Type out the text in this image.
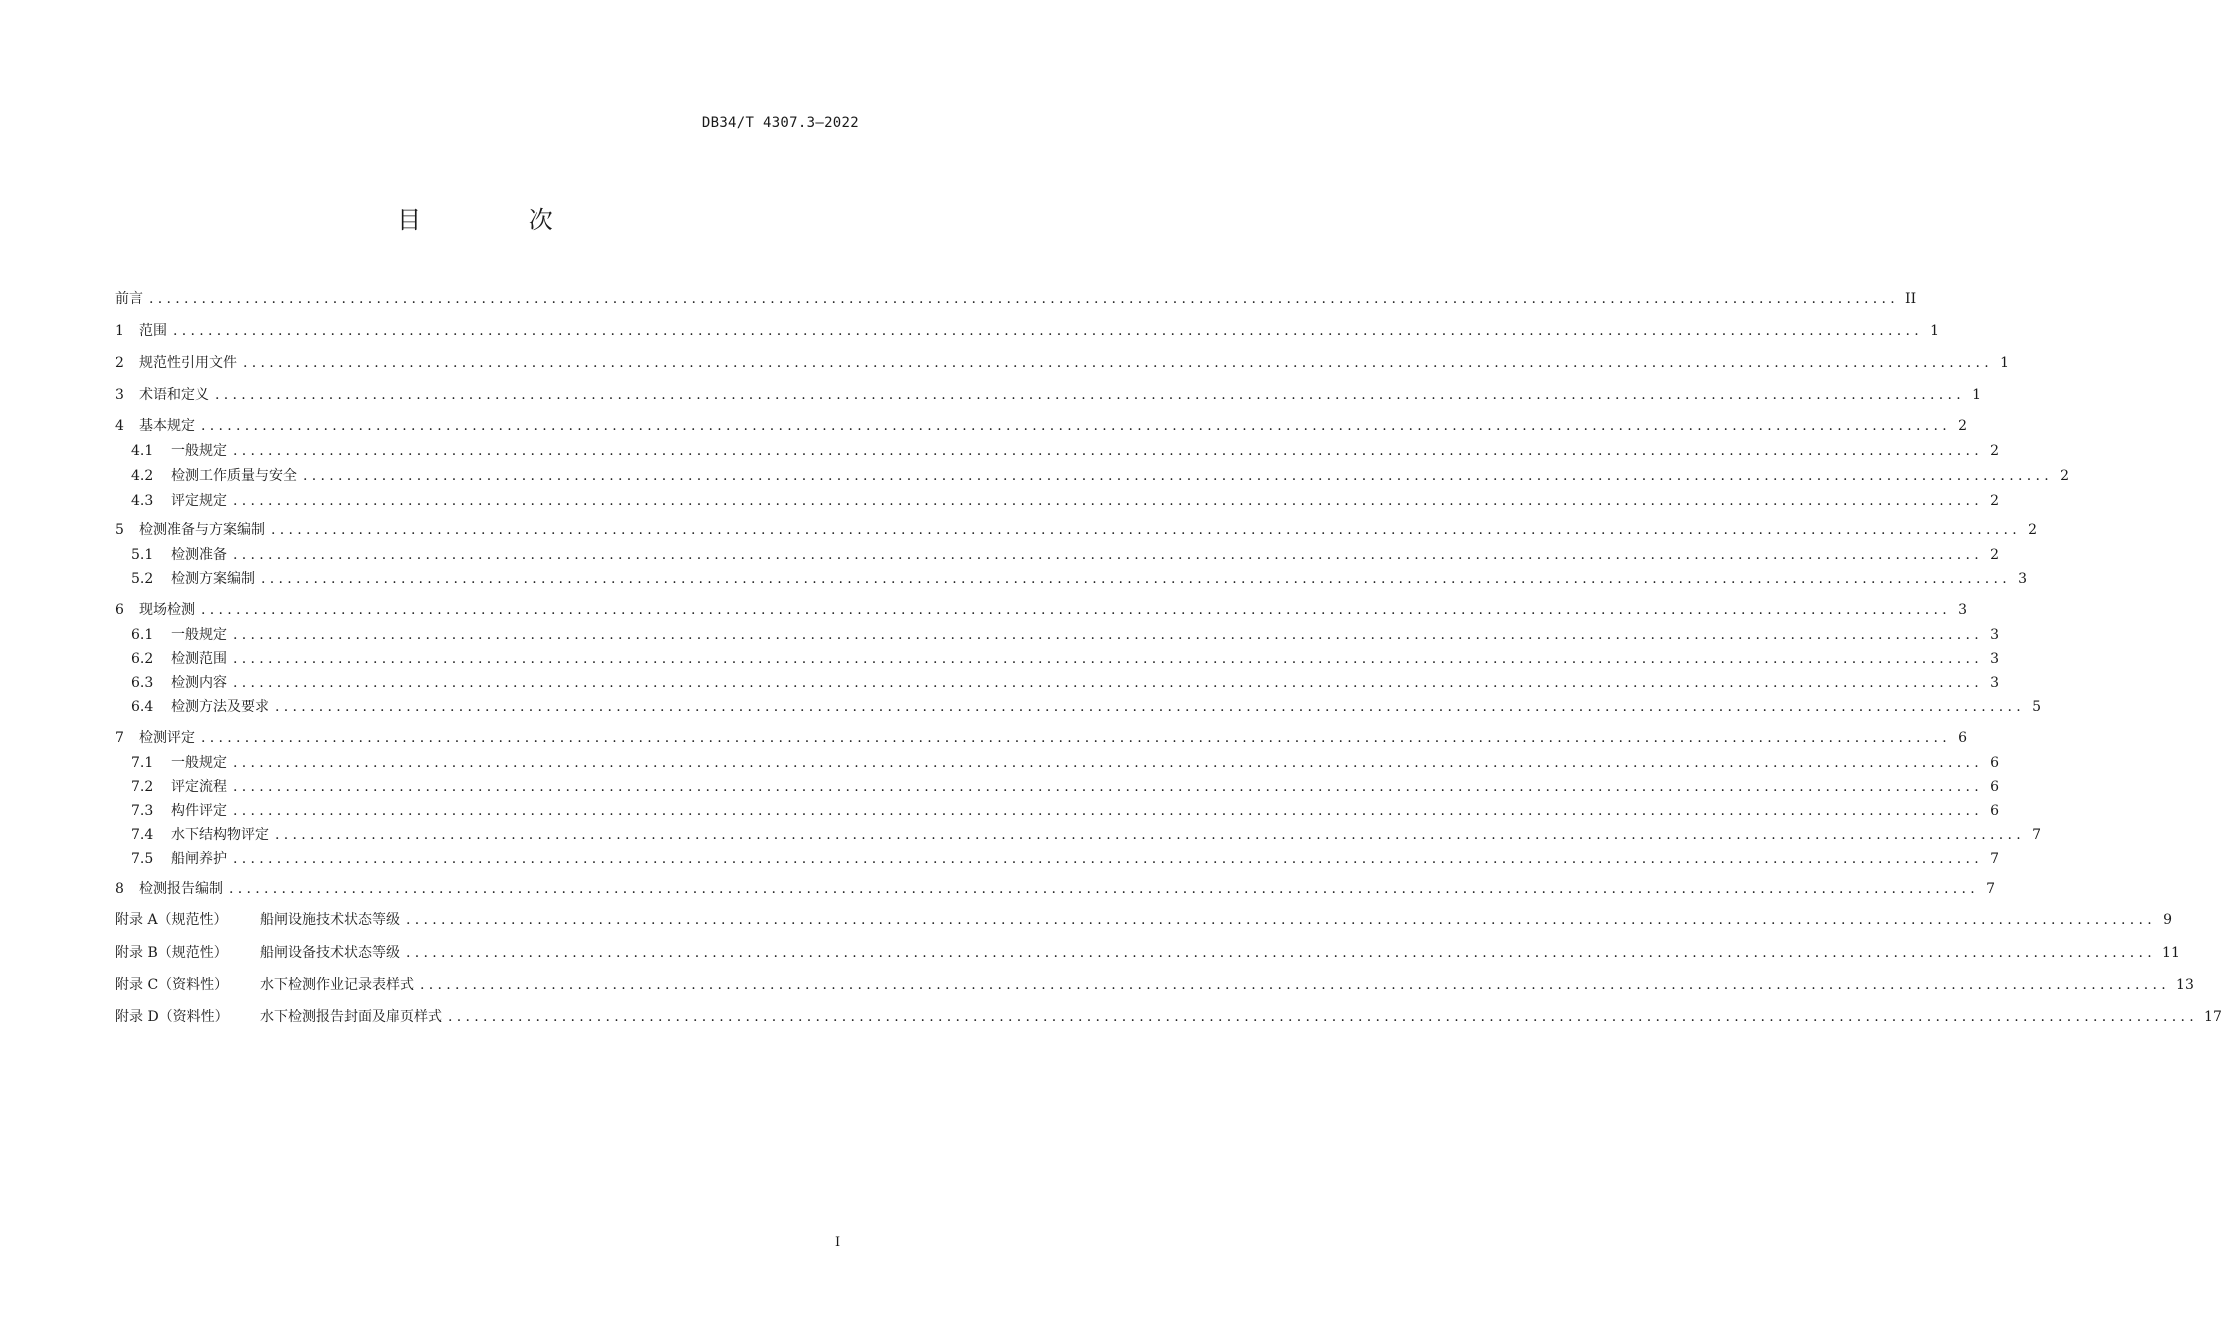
DB34/T 4307.3—2022
目 次
前言 ........................................................................................................................................................................................................ II
1	范围 ........................................................................................................................................................................................................ 1
2	规范性引用文件 ........................................................................................................................................................................................................ 1
3	术语和定义 ........................................................................................................................................................................................................ 1
4	基本规定 ........................................................................................................................................................................................................ 2
4.1	一般规定 ........................................................................................................................................................................................................ 2
4.2	检测工作质量与安全 ........................................................................................................................................................................................................ 2
4.3	评定规定 ........................................................................................................................................................................................................ 2
5	检测准备与方案编制 ........................................................................................................................................................................................................ 2
5.1	检测准备 ........................................................................................................................................................................................................ 2
5.2	检测方案编制 ........................................................................................................................................................................................................ 3
6	现场检测 ........................................................................................................................................................................................................ 3
6.1	一般规定 ........................................................................................................................................................................................................ 3
6.2	检测范围 ........................................................................................................................................................................................................ 3
6.3	检测内容 ........................................................................................................................................................................................................ 3
6.4	检测方法及要求 ........................................................................................................................................................................................................ 5
7	检测评定 ........................................................................................................................................................................................................ 6
7.1	一般规定 ........................................................................................................................................................................................................ 6
7.2	评定流程 ........................................................................................................................................................................................................ 6
7.3	构件评定 ........................................................................................................................................................................................................ 6
7.4	水下结构物评定 ........................................................................................................................................................................................................ 7
7.5	船闸养护 ........................................................................................................................................................................................................ 7
8	检测报告编制 ........................................................................................................................................................................................................ 7
附录 A（规范性）	船闸设施技术状态等级 ........................................................................................................................................................................................................ 9
附录 B（规范性）	船闸设备技术状态等级 ........................................................................................................................................................................................................ 11
附录 C（资料性）	水下检测作业记录表样式 ........................................................................................................................................................................................................ 13
附录 D（资料性）	水下检测报告封面及扉页样式 ........................................................................................................................................................................................................ 17
I
